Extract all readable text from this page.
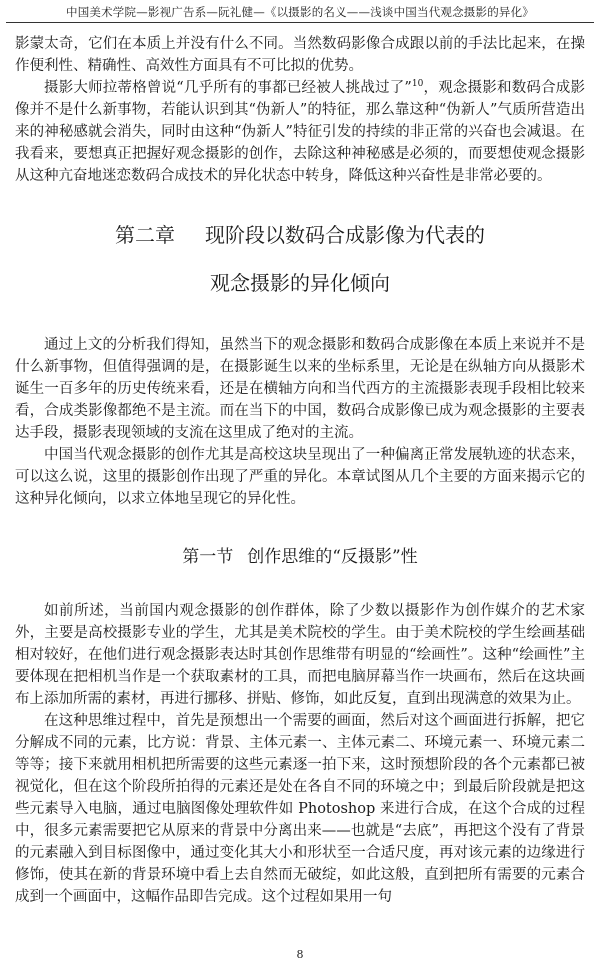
中国美术学院—影视广告系—阮礼健—《以摄影的名义——浅谈中国当代观念摄影的异化》

影蒙太奇，它们在本质上并没有什么不同。当然数码影像合成跟以前的手法比起来，在操作便利性、精确性、高效性方面具有不可比拟的优势。

摄影大师拉蒂格曾说“几乎所有的事都已经被人挑战过了”$^{10}$，观念摄影和数码合成影像并不是什么新事物，若能认识到其“伪新人”的特征，那么靠这种“伪新人”气质所营造出来的神秘感就会消失，同时由这种“伪新人”特征引发的持续的非正常的兴奋也会减退。在我看来，要想真正把握好观念摄影的创作，去除这种神秘感是必须的，而要想使观念摄影从这种亢奋地迷恋数码合成技术的异化状态中转身，降低这种兴奋性是非常必要的。

第二章 现阶段以数码合成影像为代表的
观念摄影的异化倾向

通过上文的分析我们得知，虽然当下的观念摄影和数码合成影像在本质上来说并不是什么新事物，但值得强调的是，在摄影诞生以来的坐标系里，无论是在纵轴方向从摄影术诞生一百多年的历史传统来看，还是在横轴方向和当代西方的主流摄影表现手段相比较来看，合成类影像都绝不是主流。而在当下的中国，数码合成影像已成为观念摄影的主要表达手段，摄影表现领域的支流在这里成了绝对的主流。

中国当代观念摄影的创作尤其是高校这块呈现出了一种偏离正常发展轨迹的状态来，可以这么说，这里的摄影创作出现了严重的异化。本章试图从几个主要的方面来揭示它的这种异化倾向，以求立体地呈现它的异化性。

第一节 创作思维的“反摄影”性

如前所述，当前国内观念摄影的创作群体，除了少数以摄影作为创作媒介的艺术家外，主要是高校摄影专业的学生，尤其是美术院校的学生。由于美术院校的学生绘画基础相对较好，在他们进行观念摄影表达时其创作思维带有明显的“绘画性”。这种“绘画性”主要体现在把相机当作是一个获取素材的工具，而把电脑屏幕当作一块画布，然后在这块画布上添加所需的素材，再进行挪移、拼贴、修饰，如此反复，直到出现满意的效果为止。

在这种思维过程中，首先是预想出一个需要的画面，然后对这个画面进行拆解，把它分解成不同的元素，比方说：背景、主体元素一、主体元素二、环境元素一、环境元素二等等；接下来就用相机把所需要的这些元素逐一拍下来，这时预想阶段的各个元素都已被视觉化，但在这个阶段所拍得的元素还是处在各自不同的环境之中；到最后阶段就是把这些元素导入电脑，通过电脑图像处理软件如 Photoshop 来进行合成，在这个合成的过程中，很多元素需要把它从原来的背景中分离出来——也就是“去底”，再把这个没有了背景的元素融入到目标图像中，通过变化其大小和形状至一合适尺度，再对该元素的边缘进行修饰，使其在新的背景环境中看上去自然而无破绽，如此这般，直到把所有需要的元素合成到一个画面中，这幅作品即告完成。这个过程如果用一句

8
